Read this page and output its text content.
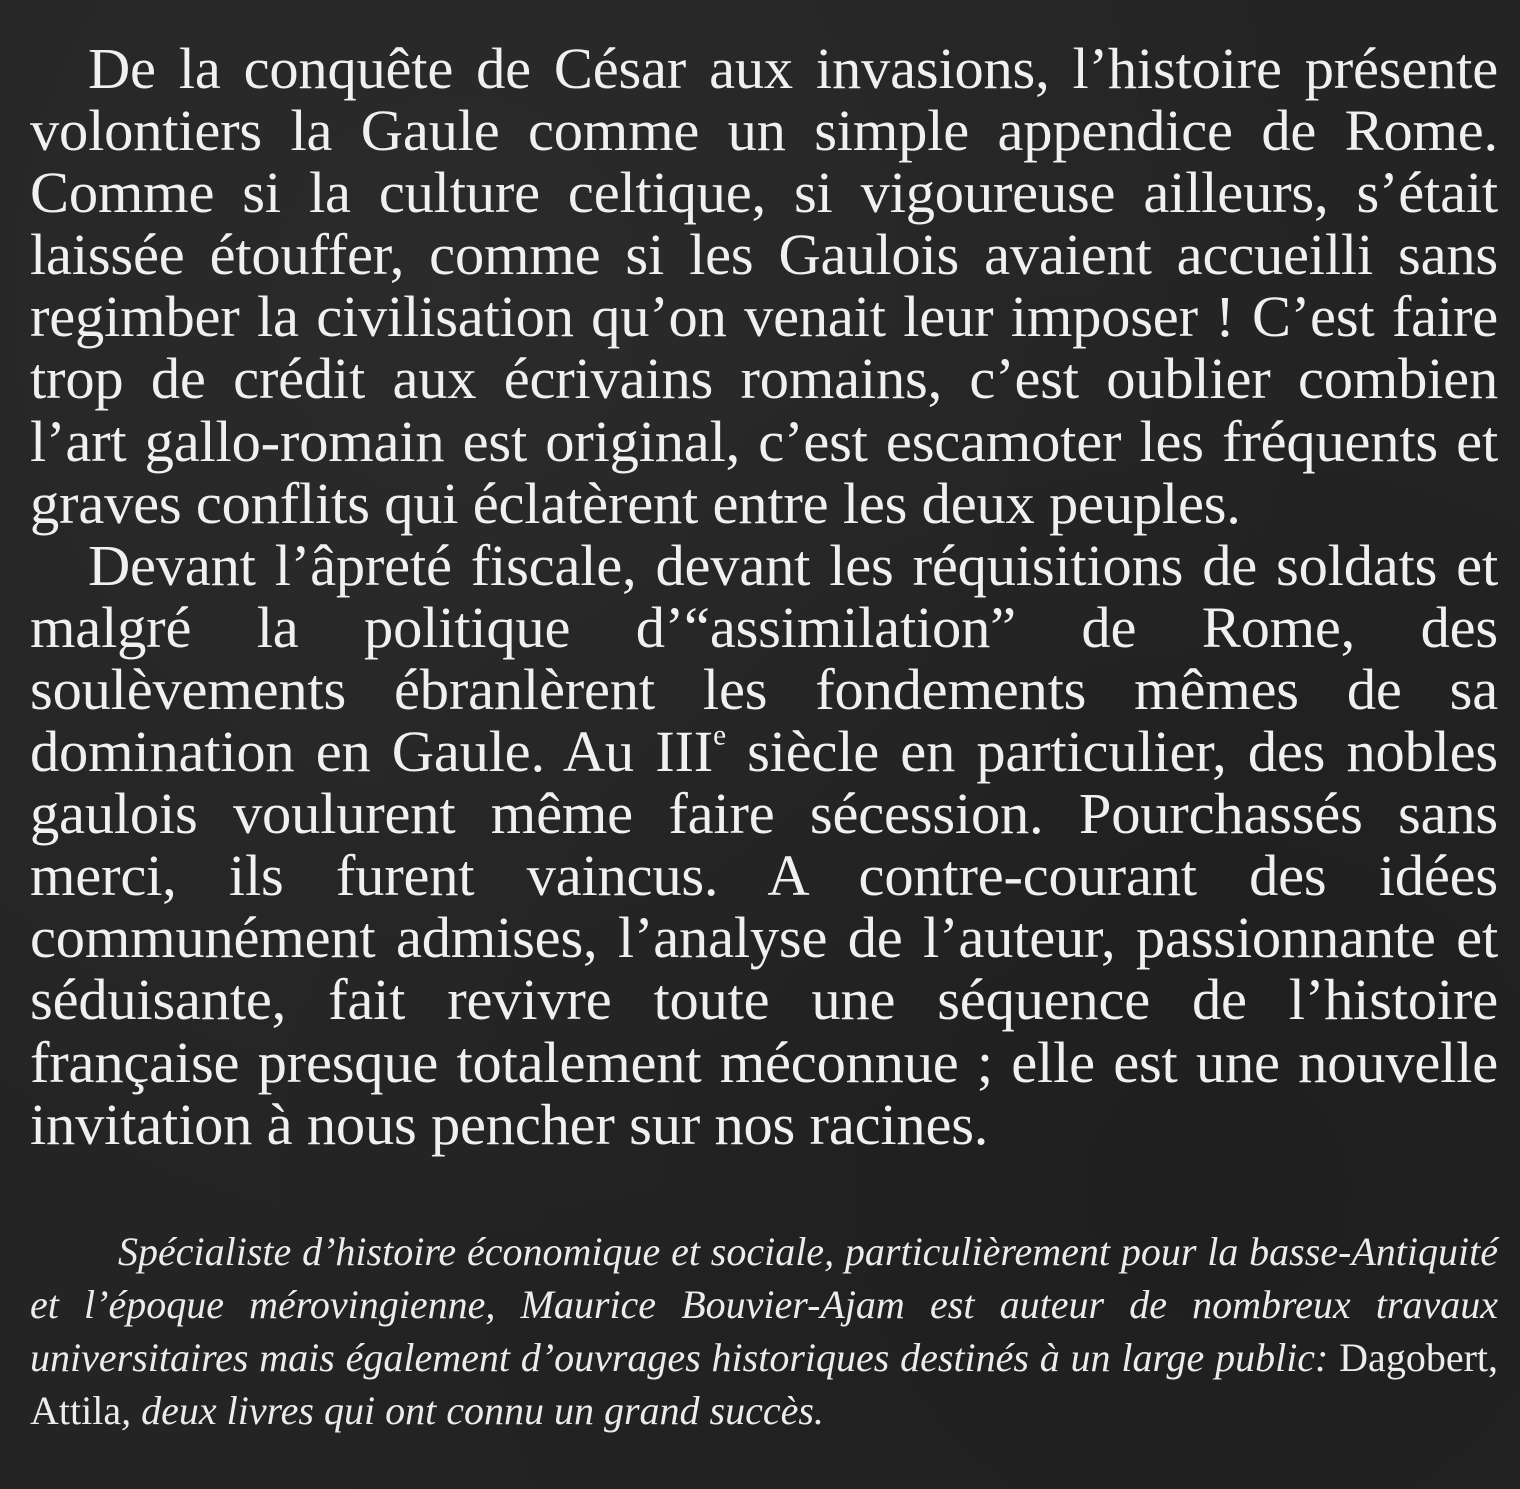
De la conquête de César aux invasions, l’histoire présente volontiers la Gaule comme un simple appendice de Rome. Comme si la culture celtique, si vigoureuse ailleurs, s’était laissée étouffer, comme si les Gaulois avaient accueilli sans regimber la civilisation qu’on venait leur imposer ! C’est faire trop de crédit aux écrivains romains, c’est oublier combien l’art gallo-romain est original, c’est escamoter les fréquents et graves conflits qui éclatèrent entre les deux peuples.

Devant l’âpreté fiscale, devant les réquisitions de soldats et malgré la politique d’“assimilation” de Rome, des soulèvements ébranlèrent les fondements mêmes de sa domination en Gaule. Au IIIe siècle en particulier, des nobles gaulois voulurent même faire sécession. Pourchassés sans merci, ils furent vaincus. A contre-courant des idées communément admises, l’analyse de l’auteur, passionnante et séduisante, fait revivre toute une séquence de l’histoire française presque totalement méconnue ; elle est une nouvelle invitation à nous pencher sur nos racines.

Spécialiste d’histoire économique et sociale, particulièrement pour la basse-Antiquité et l’époque mérovingienne, Maurice Bouvier-Ajam est auteur de nombreux travaux universitaires mais également d’ouvrages historiques destinés à un large public: Dagobert, Attila, deux livres qui ont connu un grand succès.
